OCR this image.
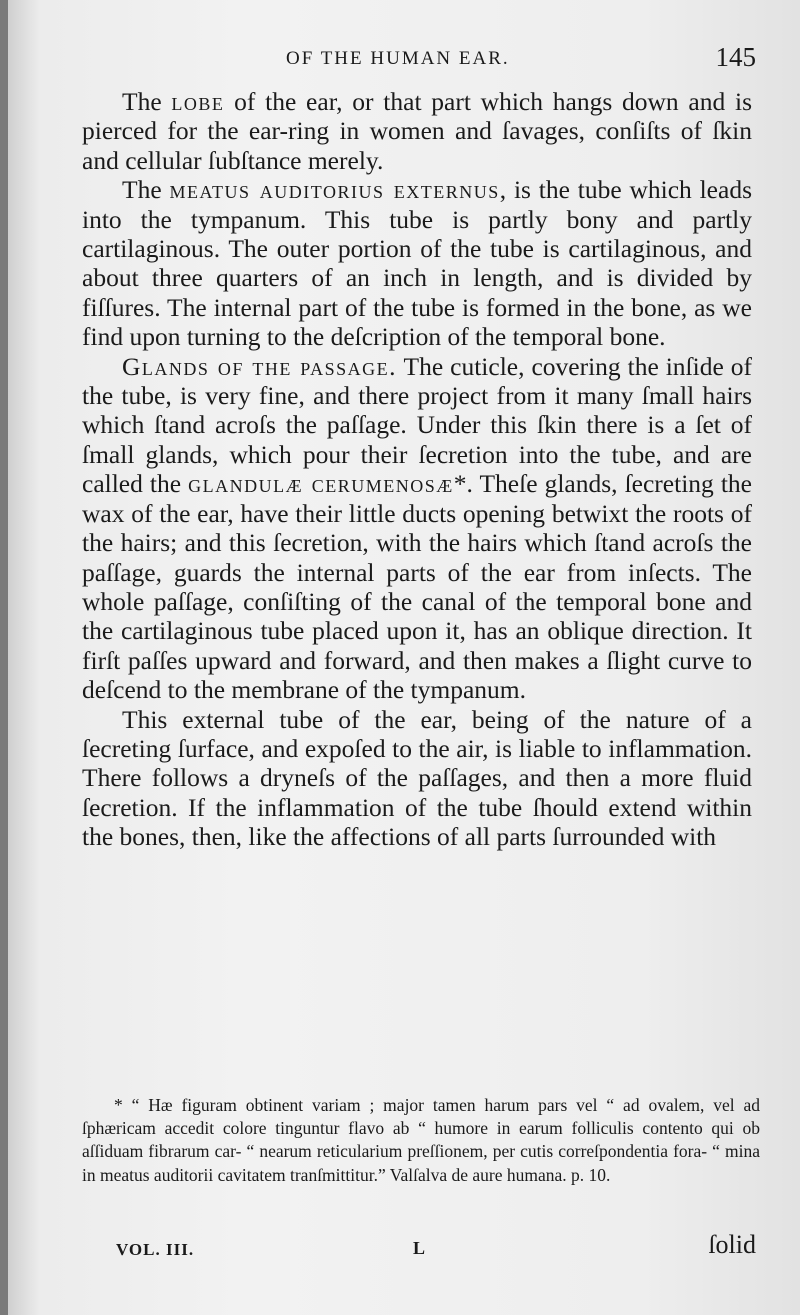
OF THE HUMAN EAR.	145

The lobe of the ear, or that part which hangs down and is pierced for the ear-ring in women and ſavages, conſiſts of ſkin and cellular ſubſtance merely.

The meatus auditorius externus, is the tube which leads into the tympanum. This tube is partly bony and partly cartilaginous. The outer portion of the tube is cartilaginous, and about three quarters of an inch in length, and is divided by fiſſures. The internal part of the tube is formed in the bone, as we find upon turning to the deſcription of the temporal bone.

Glands of the passage. The cuticle, covering the inſide of the tube, is very fine, and there project from it many ſmall hairs which ſtand acroſs the paſſage. Under this ſkin there is a ſet of ſmall glands, which pour their ſecretion into the tube, and are called the glandulæ cerumenosæ*. Theſe glands, ſecreting the wax of the ear, have their little ducts opening betwixt the roots of the hairs; and this ſecretion, with the hairs which ſtand acroſs the paſſage, guards the internal parts of the ear from inſects. The whole paſſage, conſiſting of the canal of the temporal bone and the cartilaginous tube placed upon it, has an oblique direction. It firſt paſſes upward and forward, and then makes a ſlight curve to deſcend to the membrane of the tympanum.

This external tube of the ear, being of the nature of a ſecreting ſurface, and expoſed to the air, is liable to inflammation. There follows a dryneſs of the paſſages, and then a more fluid ſecretion. If the inflammation of the tube ſhould extend within the bones, then, like the affections of all parts ſurrounded with

* “ Hæ figuram obtinent variam ; major tamen harum pars vel “ ad ovalem, vel ad ſphæricam accedit colore tinguntur flavo ab “ humore in earum folliculis contento qui ob aſſiduam fibrarum car- “ nearum reticularium preſſionem, per cutis correſpondentia fora- “ mina in meatus auditorii cavitatem tranſmittitur.” Valſalva de aure humana. p. 10.

VOL. III.	L	ſolid
